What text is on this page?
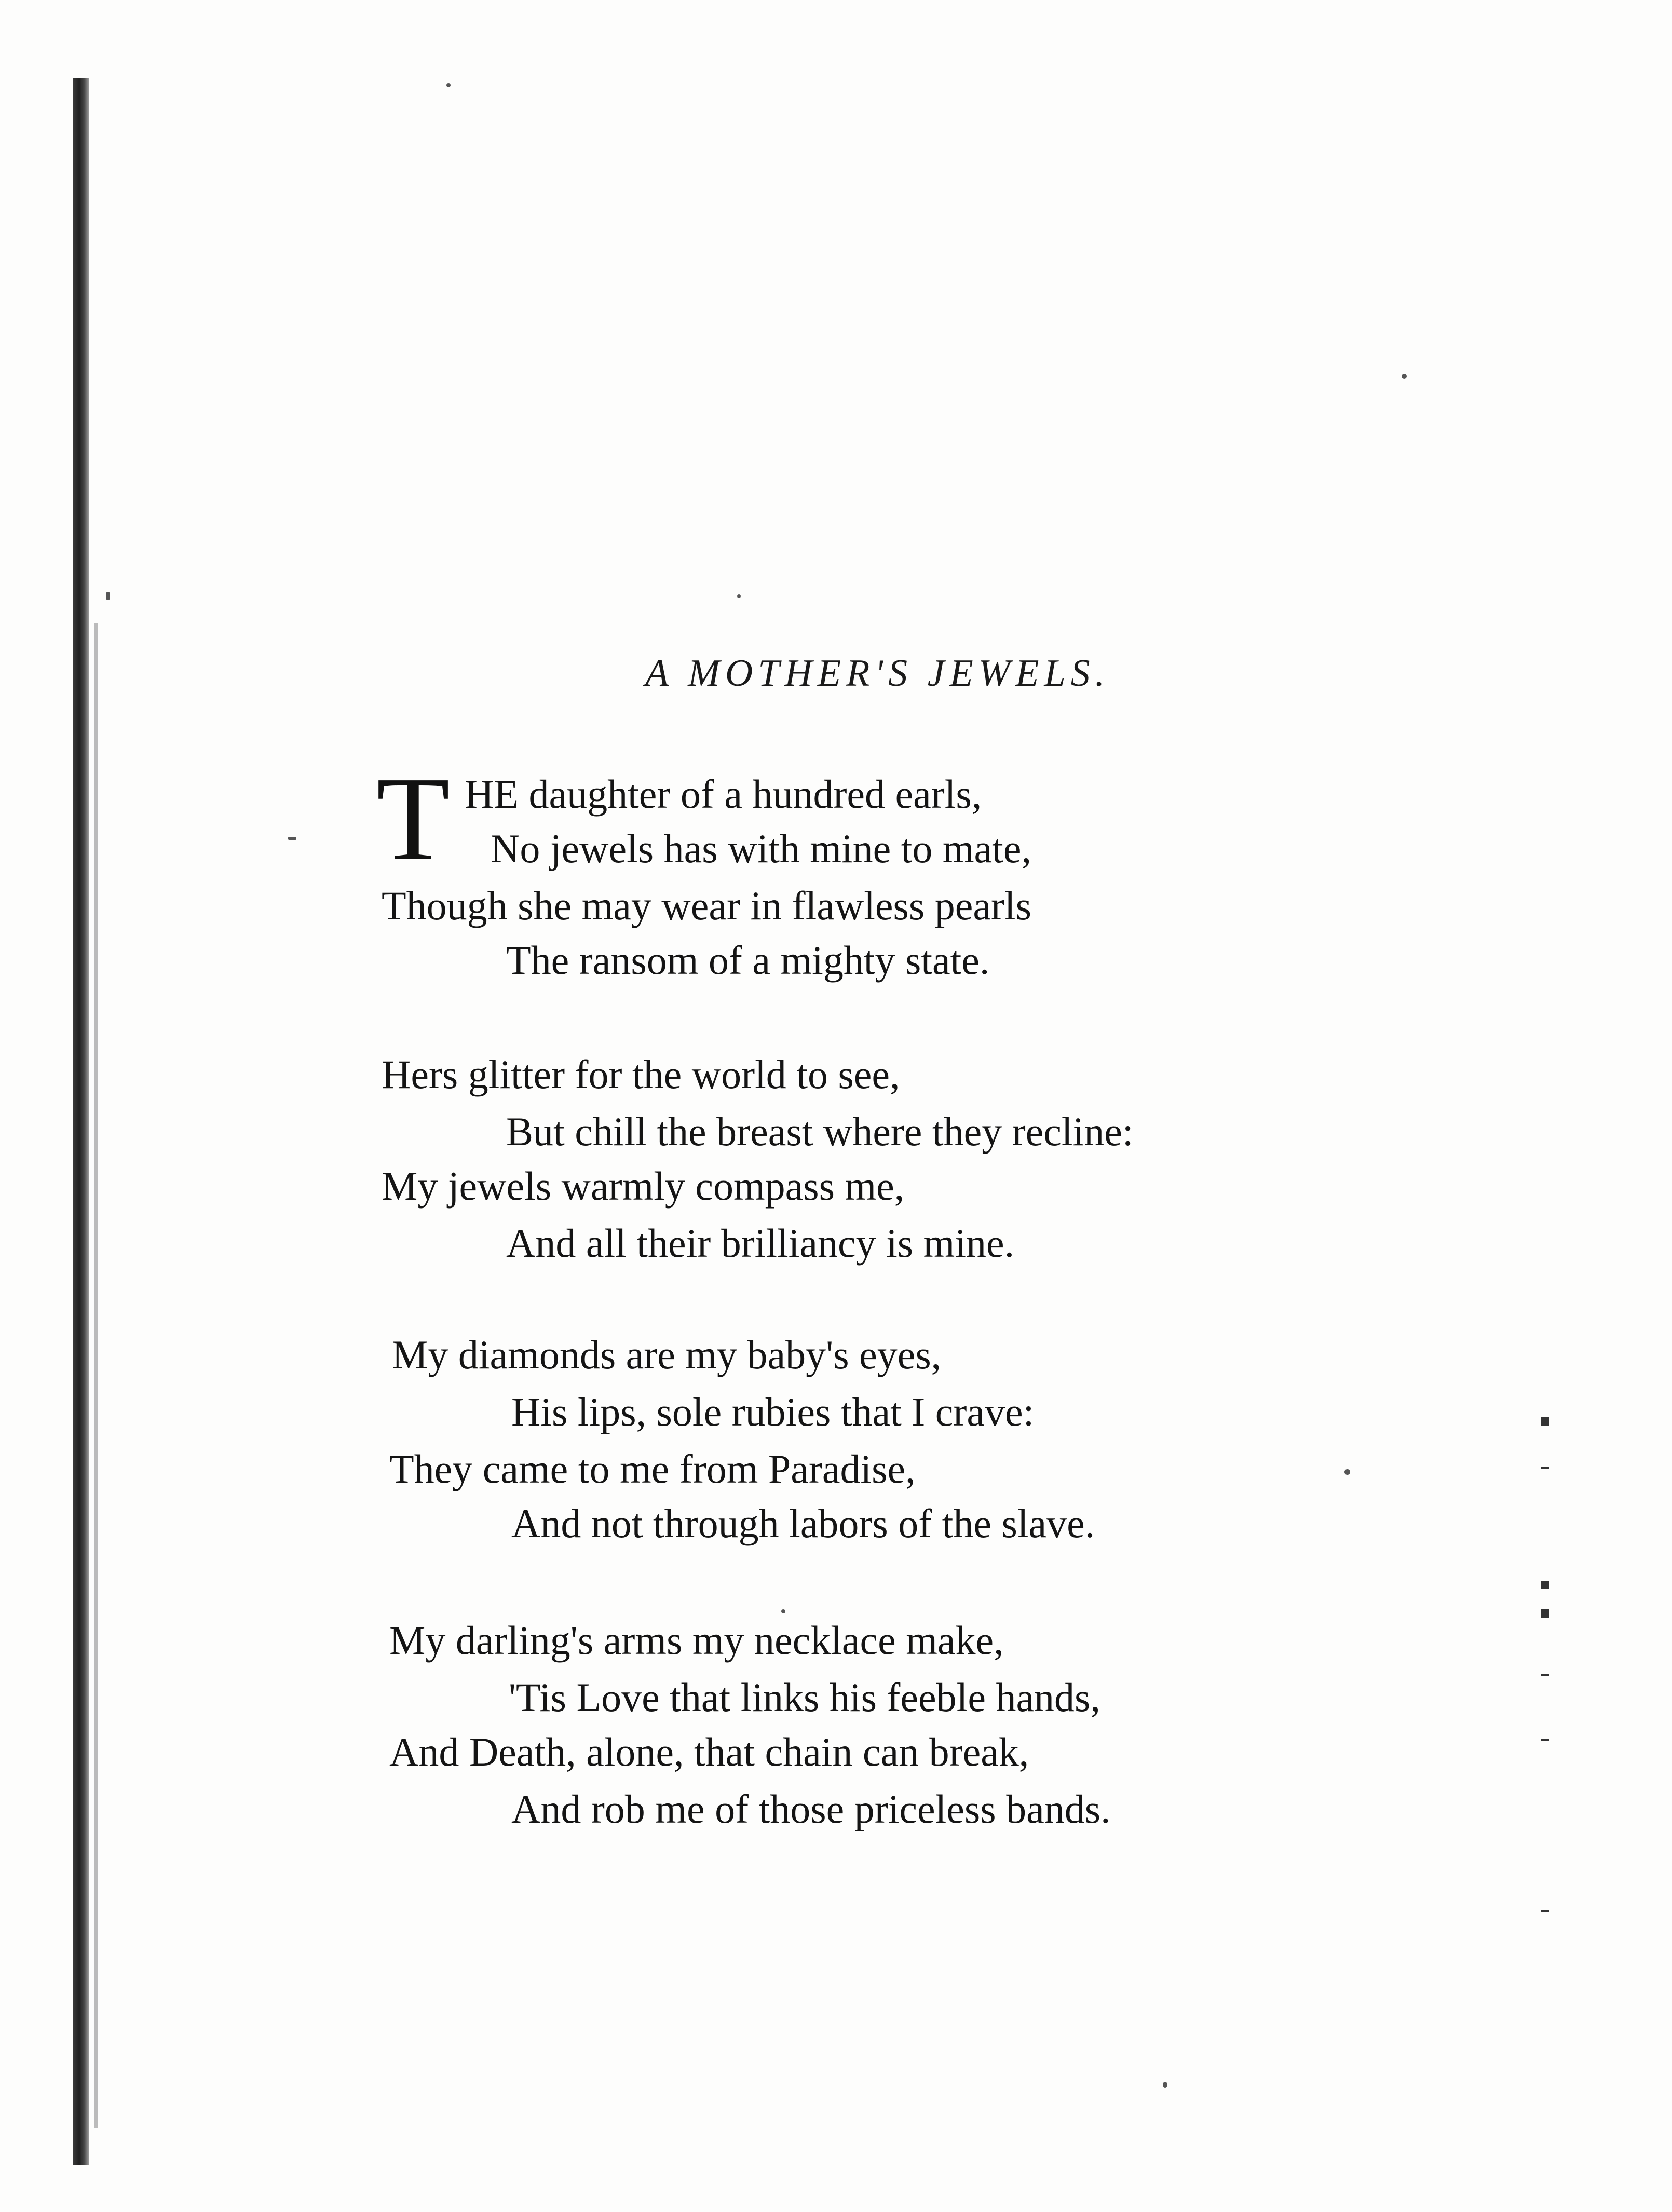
A MOTHER'S JEWELS.
T HE daughter of a hundred earls,
No jewels has with mine to mate,
Though she may wear in flawless pearls
The ransom of a mighty state.
Hers glitter for the world to see,
But chill the breast where they recline:
My jewels warmly compass me,
And all their brilliancy is mine.
My diamonds are my baby's eyes,
His lips, sole rubies that I crave:
They came to me from Paradise,
And not through labors of the slave.
My darling's arms my necklace make,
'Tis Love that links his feeble hands,
And Death, alone, that chain can break,
And rob me of those priceless bands.
